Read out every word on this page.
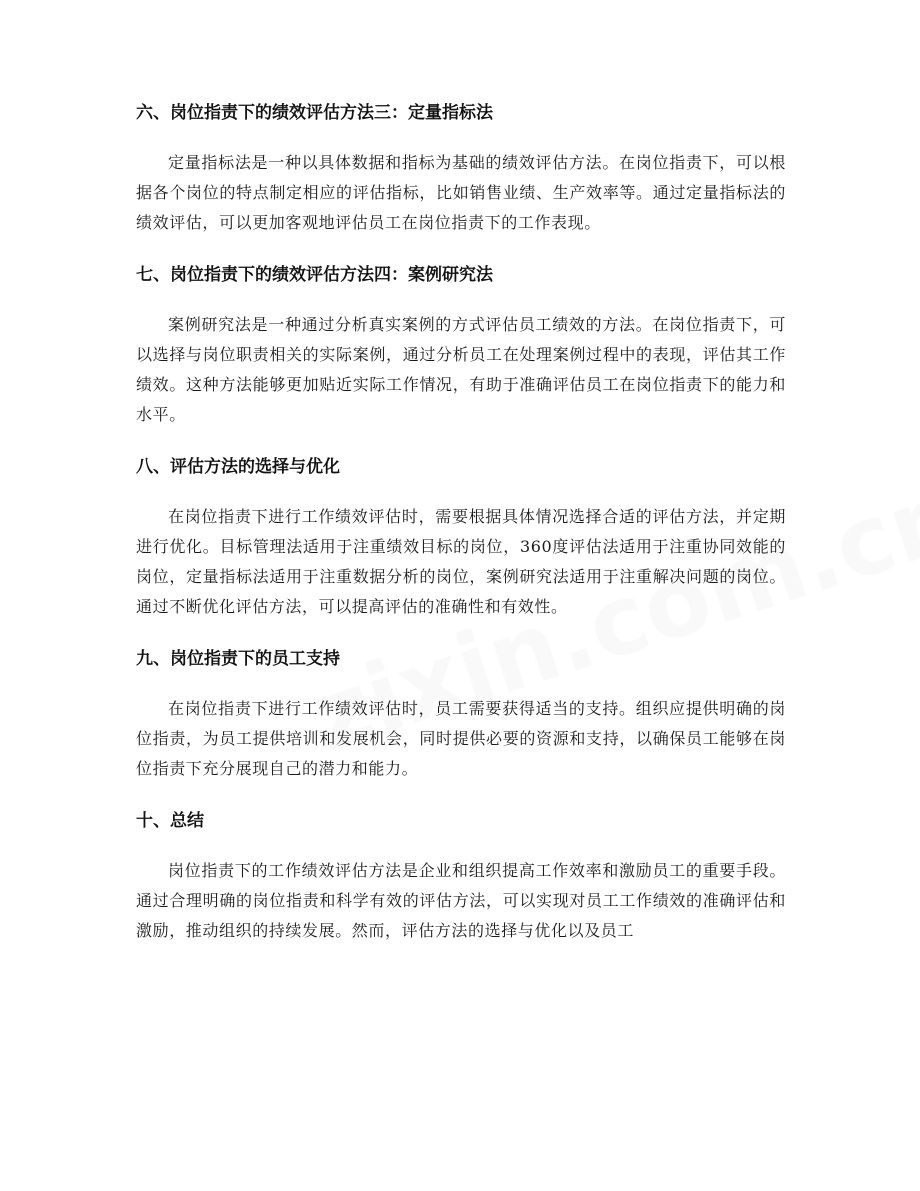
六、岗位指责下的绩效评估方法三：定量指标法

定量指标法是一种以具体数据和指标为基础的绩效评估方法。在岗位指责下，可以根据各个岗位的特点制定相应的评估指标，比如销售业绩、生产效率等。通过定量指标法的绩效评估，可以更加客观地评估员工在岗位指责下的工作表现。

七、岗位指责下的绩效评估方法四：案例研究法

案例研究法是一种通过分析真实案例的方式评估员工绩效的方法。在岗位指责下，可以选择与岗位职责相关的实际案例，通过分析员工在处理案例过程中的表现，评估其工作绩效。这种方法能够更加贴近实际工作情况，有助于准确评估员工在岗位指责下的能力和水平。

八、评估方法的选择与优化

在岗位指责下进行工作绩效评估时，需要根据具体情况选择合适的评估方法，并定期进行优化。目标管理法适用于注重绩效目标的岗位，360度评估法适用于注重协同效能的岗位，定量指标法适用于注重数据分析的岗位，案例研究法适用于注重解决问题的岗位。通过不断优化评估方法，可以提高评估的准确性和有效性。

九、岗位指责下的员工支持

在岗位指责下进行工作绩效评估时，员工需要获得适当的支持。组织应提供明确的岗位指责，为员工提供培训和发展机会，同时提供必要的资源和支持，以确保员工能够在岗位指责下充分展现自己的潜力和能力。

十、总结

岗位指责下的工作绩效评估方法是企业和组织提高工作效率和激励员工的重要手段。通过合理明确的岗位指责和科学有效的评估方法，可以实现对员工工作绩效的准确评估和激励，推动组织的持续发展。然而，评估方法的选择与优化以及员工
